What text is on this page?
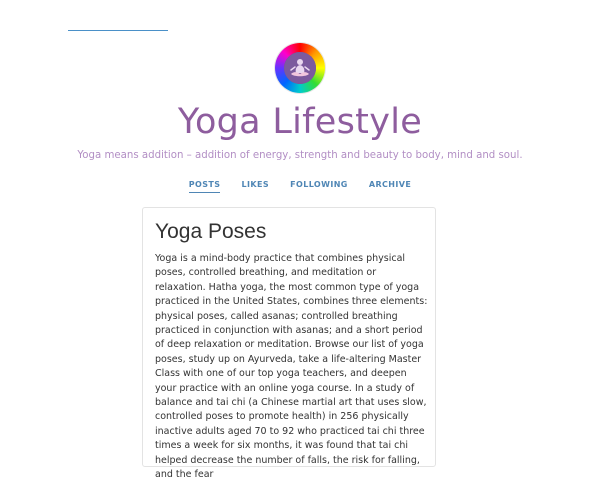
Yoga Lifestyle
Yoga means addition – addition of energy, strength and beauty to body, mind and soul.
POSTS	LIKES	FOLLOWING	ARCHIVE
Yoga Poses

Yoga is a mind-body practice that combines physical poses, controlled breathing, and meditation or relaxation. Hatha yoga, the most common type of yoga practiced in the United States, combines three elements: physical poses, called asanas; controlled breathing practiced in conjunction with asanas; and a short period of deep relaxation or meditation. Browse our list of yoga poses, study up on Ayurveda, take a life-altering Master Class with one of our top yoga teachers, and deepen your practice with an online yoga course. In a study of balance and tai chi (a Chinese martial art that uses slow, controlled poses to promote health) in 256 physically inactive adults aged 70 to 92 who practiced tai chi three times a week for six months, it was found that tai chi helped decrease the number of falls, the risk for falling, and the fear
